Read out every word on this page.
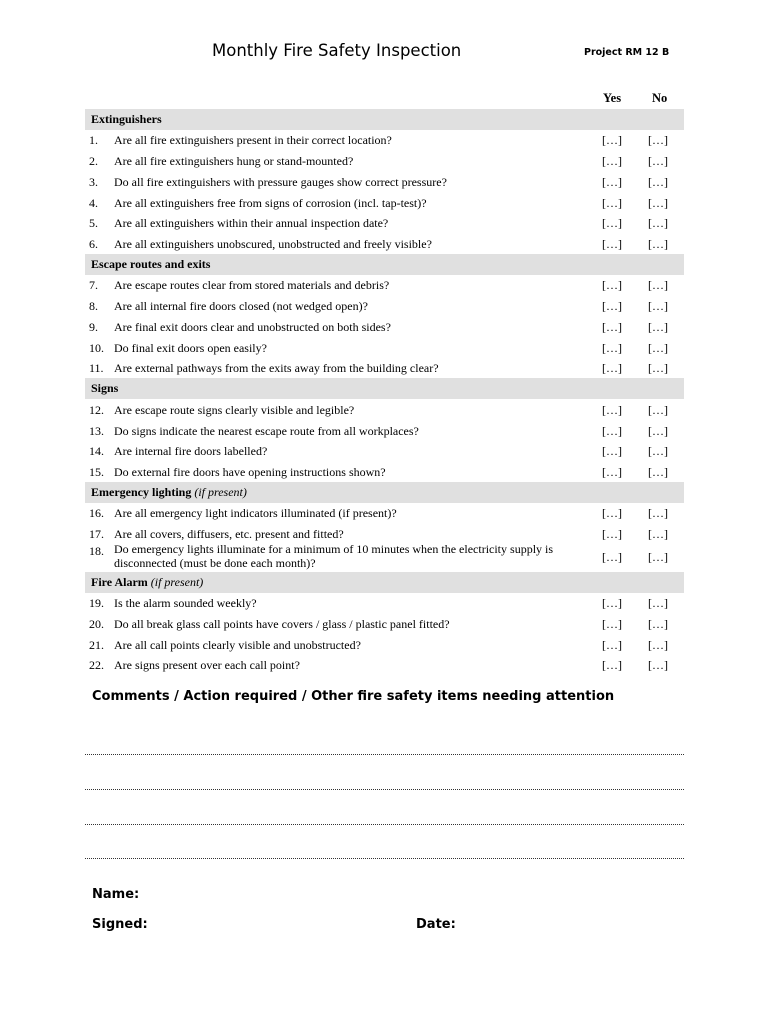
Monthly Fire Safety Inspection	Project RM 12 B
Yes No
Extinguishers
1. Are all fire extinguishers present in their correct location?	[…] […]
2. Are all fire extinguishers hung or stand-mounted?	[…] […]
3. Do all fire extinguishers with pressure gauges show correct pressure?	[…] […]
4. Are all extinguishers free from signs of corrosion (incl. tap-test)?	[…] […]
5. Are all extinguishers within their annual inspection date?	[…] […]
6. Are all extinguishers unobscured, unobstructed and freely visible?	[…] […]
Escape routes and exits
7. Are escape routes clear from stored materials and debris?	[…] […]
8. Are all internal fire doors closed (not wedged open)?	[…] […]
9. Are final exit doors clear and unobstructed on both sides?	[…] […]
10. Do final exit doors open easily?	[…] […]
11. Are external pathways from the exits away from the building clear?	[…] […]
Signs
12. Are escape route signs clearly visible and legible?	[…] […]
13. Do signs indicate the nearest escape route from all workplaces?	[…] […]
14. Are internal fire doors labelled?	[…] […]
15. Do external fire doors have opening instructions shown?	[…] […]
Emergency lighting (if present)
16. Are all emergency light indicators illuminated (if present)?	[…] […]
17. Are all covers, diffusers, etc. present and fitted?	[…] […]
18. Do emergency lights illuminate for a minimum of 10 minutes when the electricity supply is disconnected (must be done each month)?	[…] […]
Fire Alarm (if present)
19. Is the alarm sounded weekly?	[…] […]
20. Do all break glass call points have covers / glass / plastic panel fitted?	[…] […]
21. Are all call points clearly visible and unobstructed?	[…] […]
22. Are signs present over each call point?	[…] […]
Comments / Action required / Other fire safety items needing attention
Name:
Signed:	Date:
